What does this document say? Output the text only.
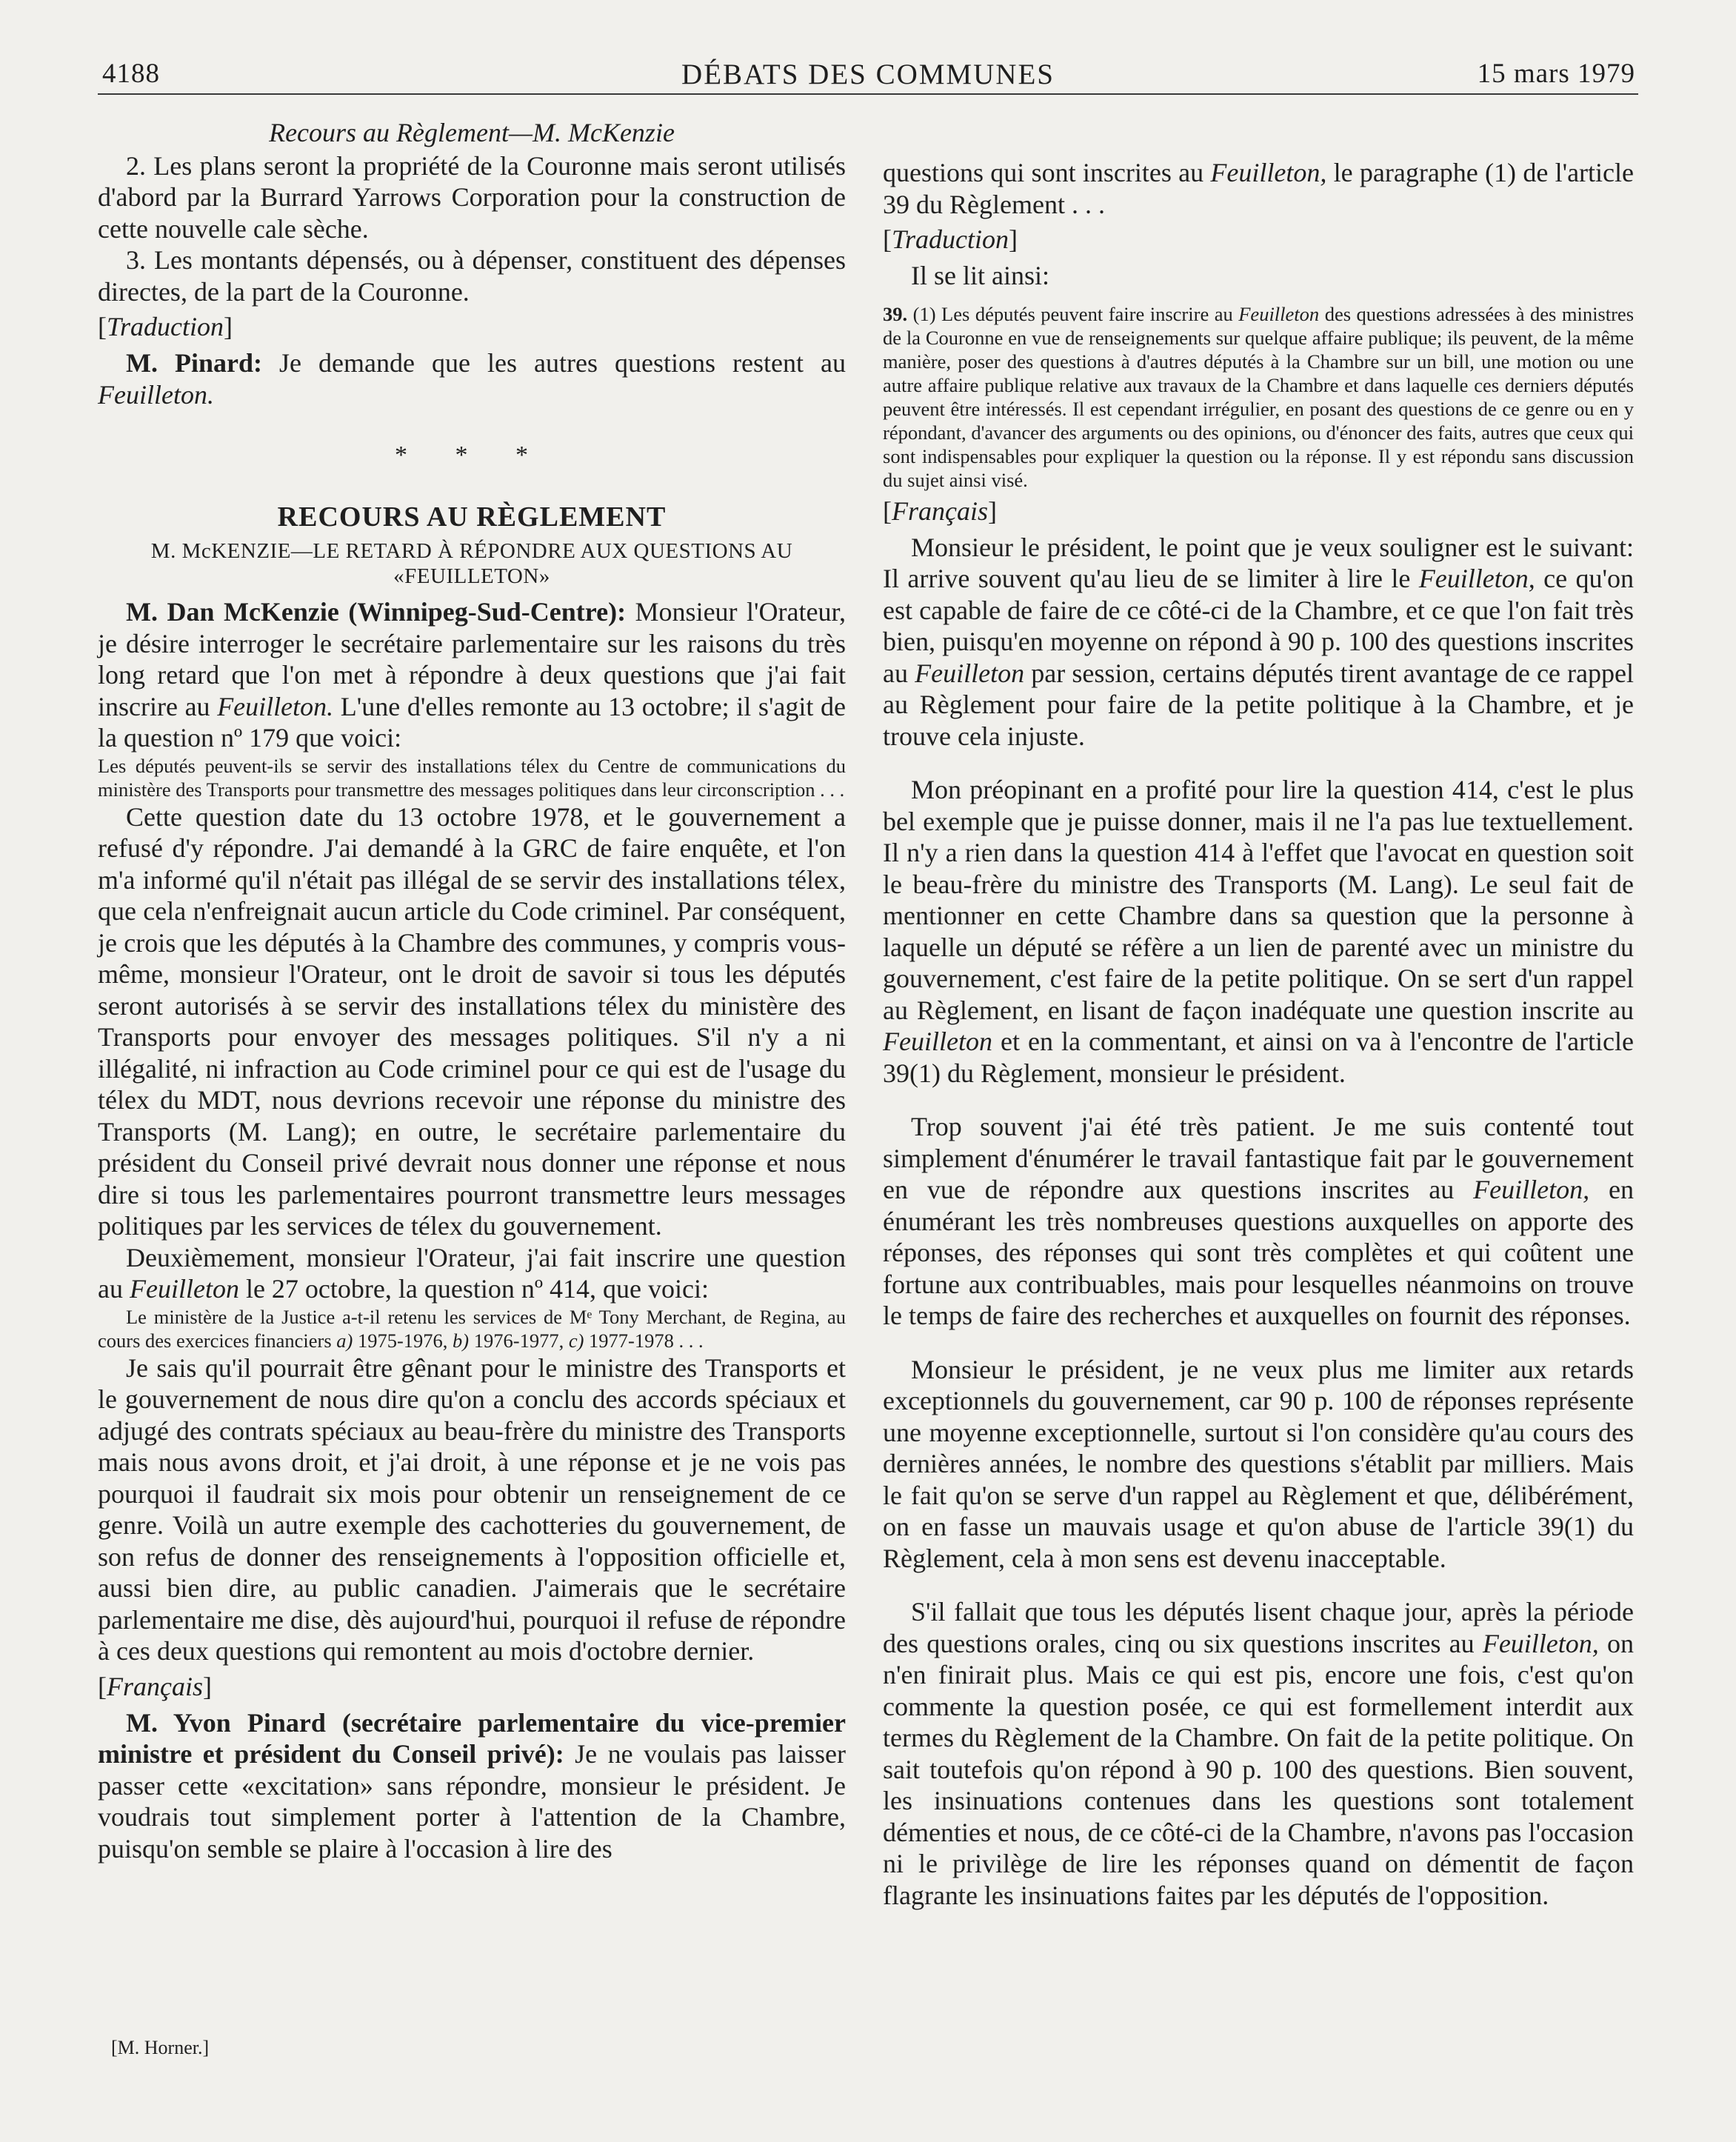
DÉBATS DES COMMUNES
4188	15 mars 1979

Recours au Règlement—M. McKenzie

2. Les plans seront la propriété de la Couronne mais seront utilisés d'abord par la Burrard Yarrows Corporation pour la construction de cette nouvelle cale sèche.

3. Les montants dépensés, ou à dépenser, constituent des dépenses directes, de la part de la Couronne.

[Traduction]

M. Pinard: Je demande que les autres questions restent au Feuilleton.

* * *

RECOURS AU RÈGLEMENT

M. McKENZIE—LE RETARD À RÉPONDRE AUX QUESTIONS AU «FEUILLETON»

M. Dan McKenzie (Winnipeg-Sud-Centre): Monsieur l'Orateur, je désire interroger le secrétaire parlementaire sur les raisons du très long retard que l'on met à répondre à deux questions que j'ai fait inscrire au Feuilleton. L'une d'elles remonte au 13 octobre; il s'agit de la question nº 179 que voici:

Les députés peuvent-ils se servir des installations télex du Centre de communications du ministère des Transports pour transmettre des messages politiques dans leur circonscription . . .

Cette question date du 13 octobre 1978, et le gouvernement a refusé d'y répondre. J'ai demandé à la GRC de faire enquête, et l'on m'a informé qu'il n'était pas illégal de se servir des installations télex, que cela n'enfreignait aucun article du Code criminel. Par conséquent, je crois que les députés à la Chambre des communes, y compris vous-même, monsieur l'Orateur, ont le droit de savoir si tous les députés seront autorisés à se servir des installations télex du ministère des Transports pour envoyer des messages politiques. S'il n'y a ni illégalité, ni infraction au Code criminel pour ce qui est de l'usage du télex du MDT, nous devrions recevoir une réponse du ministre des Transports (M. Lang); en outre, le secrétaire parlementaire du président du Conseil privé devrait nous donner une réponse et nous dire si tous les parlementaires pourront transmettre leurs messages politiques par les services de télex du gouvernement.

Deuxièmement, monsieur l'Orateur, j'ai fait inscrire une question au Feuilleton le 27 octobre, la question nº 414, que voici:

Le ministère de la Justice a-t-il retenu les services de Mᵉ Tony Merchant, de Regina, au cours des exercices financiers a) 1975-1976, b) 1976-1977, c) 1977-1978 . . .

Je sais qu'il pourrait être gênant pour le ministre des Transports et le gouvernement de nous dire qu'on a conclu des accords spéciaux et adjugé des contrats spéciaux au beau-frère du ministre des Transports mais nous avons droit, et j'ai droit, à une réponse et je ne vois pas pourquoi il faudrait six mois pour obtenir un renseignement de ce genre. Voilà un autre exemple des cachotteries du gouvernement, de son refus de donner des renseignements à l'opposition officielle et, aussi bien dire, au public canadien. J'aimerais que le secrétaire parlementaire me dise, dès aujourd'hui, pourquoi il refuse de répondre à ces deux questions qui remontent au mois d'octobre dernier.

[Français]

M. Yvon Pinard (secrétaire parlementaire du vice-premier ministre et président du Conseil privé): Je ne voulais pas laisser passer cette «excitation» sans répondre, monsieur le président. Je voudrais tout simplement porter à l'attention de la Chambre, puisqu'on semble se plaire à l'occasion à lire des

questions qui sont inscrites au Feuilleton, le paragraphe (1) de l'article 39 du Règlement . . .

[Traduction]

Il se lit ainsi:

39. (1) Les députés peuvent faire inscrire au Feuilleton des questions adressées à des ministres de la Couronne en vue de renseignements sur quelque affaire publique; ils peuvent, de la même manière, poser des questions à d'autres députés à la Chambre sur un bill, une motion ou une autre affaire publique relative aux travaux de la Chambre et dans laquelle ces derniers députés peuvent être intéressés. Il est cependant irrégulier, en posant des questions de ce genre ou en y répondant, d'avancer des arguments ou des opinions, ou d'énoncer des faits, autres que ceux qui sont indispensables pour expliquer la question ou la réponse. Il y est répondu sans discussion du sujet ainsi visé.

[Français]

Monsieur le président, le point que je veux souligner est le suivant: Il arrive souvent qu'au lieu de se limiter à lire le Feuilleton, ce qu'on est capable de faire de ce côté-ci de la Chambre, et ce que l'on fait très bien, puisqu'en moyenne on répond à 90 p. 100 des questions inscrites au Feuilleton par session, certains députés tirent avantage de ce rappel au Règlement pour faire de la petite politique à la Chambre, et je trouve cela injuste.

Mon préopinant en a profité pour lire la question 414, c'est le plus bel exemple que je puisse donner, mais il ne l'a pas lue textuellement. Il n'y a rien dans la question 414 à l'effet que l'avocat en question soit le beau-frère du ministre des Transports (M. Lang). Le seul fait de mentionner en cette Chambre dans sa question que la personne à laquelle un député se réfère a un lien de parenté avec un ministre du gouvernement, c'est faire de la petite politique. On se sert d'un rappel au Règlement, en lisant de façon inadéquate une question inscrite au Feuilleton et en la commentant, et ainsi on va à l'encontre de l'article 39(1) du Règlement, monsieur le président.

Trop souvent j'ai été très patient. Je me suis contenté tout simplement d'énumérer le travail fantastique fait par le gouvernement en vue de répondre aux questions inscrites au Feuilleton, en énumérant les très nombreuses questions auxquelles on apporte des réponses, des réponses qui sont très complètes et qui coûtent une fortune aux contribuables, mais pour lesquelles néanmoins on trouve le temps de faire des recherches et auxquelles on fournit des réponses.

Monsieur le président, je ne veux plus me limiter aux retards exceptionnels du gouvernement, car 90 p. 100 de réponses représente une moyenne exceptionnelle, surtout si l'on considère qu'au cours des dernières années, le nombre des questions s'établit par milliers. Mais le fait qu'on se serve d'un rappel au Règlement et que, délibérément, on en fasse un mauvais usage et qu'on abuse de l'article 39(1) du Règlement, cela à mon sens est devenu inacceptable.

S'il fallait que tous les députés lisent chaque jour, après la période des questions orales, cinq ou six questions inscrites au Feuilleton, on n'en finirait plus. Mais ce qui est pis, encore une fois, c'est qu'on commente la question posée, ce qui est formellement interdit aux termes du Règlement de la Chambre. On fait de la petite politique. On sait toutefois qu'on répond à 90 p. 100 des questions. Bien souvent, les insinuations contenues dans les questions sont totalement démenties et nous, de ce côté-ci de la Chambre, n'avons pas l'occasion ni le privilège de lire les réponses quand on démentit de façon flagrante les insinuations faites par les députés de l'opposition.

[M. Horner.]
